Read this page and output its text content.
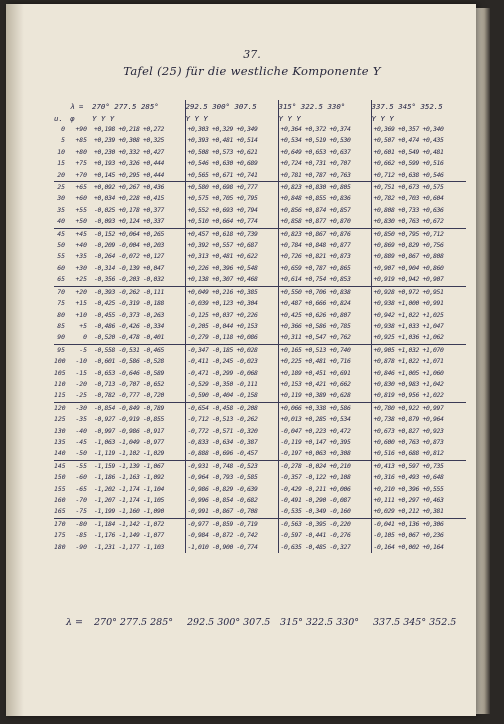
37.
Tafel (25) für die westliche Komponente Y
	λ =	270° 277.5 285°	292.5 300° 307.5	315° 322.5 330°	337.5 345° 352.5
u.	φ	Y Y Y	Y Y Y	Y Y Y	Y Y Y
0	+90	+0,198 +0,218 +0,272	+0,303 +0,329 +0,349	+0,364 +0,372 +0,374	+0,369 +0,357 +0,340
5	+85	+0,239 +0,308 +0,325	+0,393 +0,481 +0,514	+0,534 +0,519 +0,530	+0,507 +0,474 +0,435
10	+80	+0,230 +0,332 +0,427	+0,508 +0,573 +0,621	+0,649 +0,653 +0,637	+0,601 +0,549 +0,481
15	+75	+0,193 +0,326 +0,444	+0,546 +0,630 +0,689	+0,724 +0,731 +0,707	+0,662 +0,599 +0,516
20	+70	+0,145 +0,295 +0,444	+0,565 +0,671 +0,741	+0,781 +0,787 +0,763	+0,712 +0,638 +0,546
25	+65	+0,092 +0,267 +0,436	+0,580 +0,698 +0,777	+0,823 +0,830 +0,805	+0,751 +0,673 +0,575
30	+60	+0,034 +0,228 +0,415	+0,575 +0,705 +0,795	+0,848 +0,855 +0,836	+0,782 +0,703 +0,604
35	+55	-0,025 +0,178 +0,377	+0,552 +0,693 +0,794	+0,856 +0,874 +0,857	+0,808 +0,733 +0,636
40	+50	-0,093 +0,124 +0,337	+0,510 +0,664 +0,774	+0,858 +0,877 +0,870	+0,830 +0,763 +0,672
45	+45	-0,152 +0,064 +0,265	+0,457 +0,618 +0,739	+0,823 +0,867 +0,876	+0,850 +0,795 +0,712
50	+40	-0,209 -0,004 +0,203	+0,392 +0,557 +0,687	+0,784 +0,848 +0,877	+0,869 +0,829 +0,756
55	+35	-0,264 -0,072 +0,127	+0,313 +0,481 +0,622	+0,726 +0,821 +0,873	+0,889 +0,867 +0,808
60	+30	-0,314 -0,139 +0,047	+0,226 +0,396 +0,548	+0,659 +0,787 +0,865	+0,907 +0,904 +0,860
65	+25	-0,356 -0,203 -0,032	+0,138 +0,307 +0,468	+0,614 +0,754 +0,853	+0,919 +0,942 +0,907
70	+20	-0,393 -0,262 -0,111	+0,049 +0,216 +0,385	+0,550 +0,706 +0,838	+0,928 +0,972 +0,951
75	+15	-0,425 -0,319 -0,188	-0,039 +0,123 +0,304	+0,487 +0,666 +0,824	+0,938 +1,000 +0,991
80	+10	-0,455 -0,373 -0,263	-0,125 +0,037 +0,226	+0,425 +0,626 +0,807	+0,942 +1,022 +1,025
85	+5	-0,486 -0,426 -0,334	-0,205 -0,044 +0,153	+0,366 +0,586 +0,785	+0,938 +1,033 +1,047
90	0	-0,520 -0,478 -0,401	-0,279 -0,118 +0,086	+0,311 +0,547 +0,762	+0,925 +1,036 +1,062
95	-5	-0,558 -0,531 -0,465	-0,347 -0,185 +0,028	+0,165 +0,513 +0,740	+0,905 +1,032 +1,070
100	-10	-0,601 -0,586 -0,528	-0,411 -0,245 -0,023	+0,225 +0,481 +0,716	+0,878 +1,022 +1,071
105	-15	-0,653 -0,646 -0,589	-0,471 -0,299 -0,068	+0,189 +0,451 +0,691	+0,846 +1,005 +1,060
110	-20	-0,713 -0,707 -0,652	-0,529 -0,350 -0,111	+0,153 +0,421 +0,662	+0,830 +0,983 +1,042
115	-25	-0,782 -0,777 -0,720	-0,590 -0,404 -0,158	+0,119 +0,389 +0,628	+0,819 +0,956 +1,022
120	-30	-0,854 -0,849 -0,789	-0,654 -0,458 -0,208	+0,066 +0,338 +0,586	+0,780 +0,922 +0,997
125	-35	-0,927 -0,919 -0,855	-0,712 -0,513 -0,262	+0,013 +0,285 +0,534	+0,738 +0,879 +0,964
130	-40	-0,997 -0,986 -0,917	-0,772 -0,571 -0,320	-0,047 +0,223 +0,472	+0,673 +0,827 +0,923
135	-45	-1,063 -1,049 -0,977	-0,833 -0,634 -0,387	-0,119 +0,147 +0,395	+0,600 +0,763 +0,873
140	-50	-1,119 -1,102 -1,029	-0,888 -0,696 -0,457	-0,197 +0,063 +0,308	+0,516 +0,688 +0,812
145	-55	-1,159 -1,139 -1,067	-0,931 -0,748 -0,523	-0,278 -0,024 +0,210	+0,413 +0,597 +0,735
150	-60	-1,186 -1,163 -1,092	-0,964 -0,793 -0,585	-0,357 -0,122 +0,108	+0,316 +0,493 +0,648
155	-65	-1,202 -1,174 -1,104	-0,986 -0,829 -0,639	-0,429 -0,211 +0,006	+0,210 +0,396 +0,555
160	-70	-1,207 -1,174 -1,105	-0,996 -0,854 -0,682	-0,491 -0,290 -0,087	+0,111 +0,297 +0,463
165	-75	-1,199 -1,160 -1,090	-0,991 -0,867 -0,708	-0,535 -0,349 -0,160	+0,029 +0,212 +0,381
170	-80	-1,184 -1,142 -1,072	-0,977 -0,859 -0,719	-0,563 -0,395 -0,220	-0,041 +0,136 +0,306
175	-85	-1,176 -1,149 -1,077	-0,984 -0,872 -0,742	-0,597 -0,441 -0,276	-0,105 +0,067 +0,236
180	-90	-1,231 -1,177 -1,103	-1,010 -0,900 -0,774	-0,635 -0,485 -0,327	-0,164 +0,002 +0,164
λ = 270° 277.5 285° 292.5 300° 307.5 315° 322.5 330° 337.5 345° 352.5
